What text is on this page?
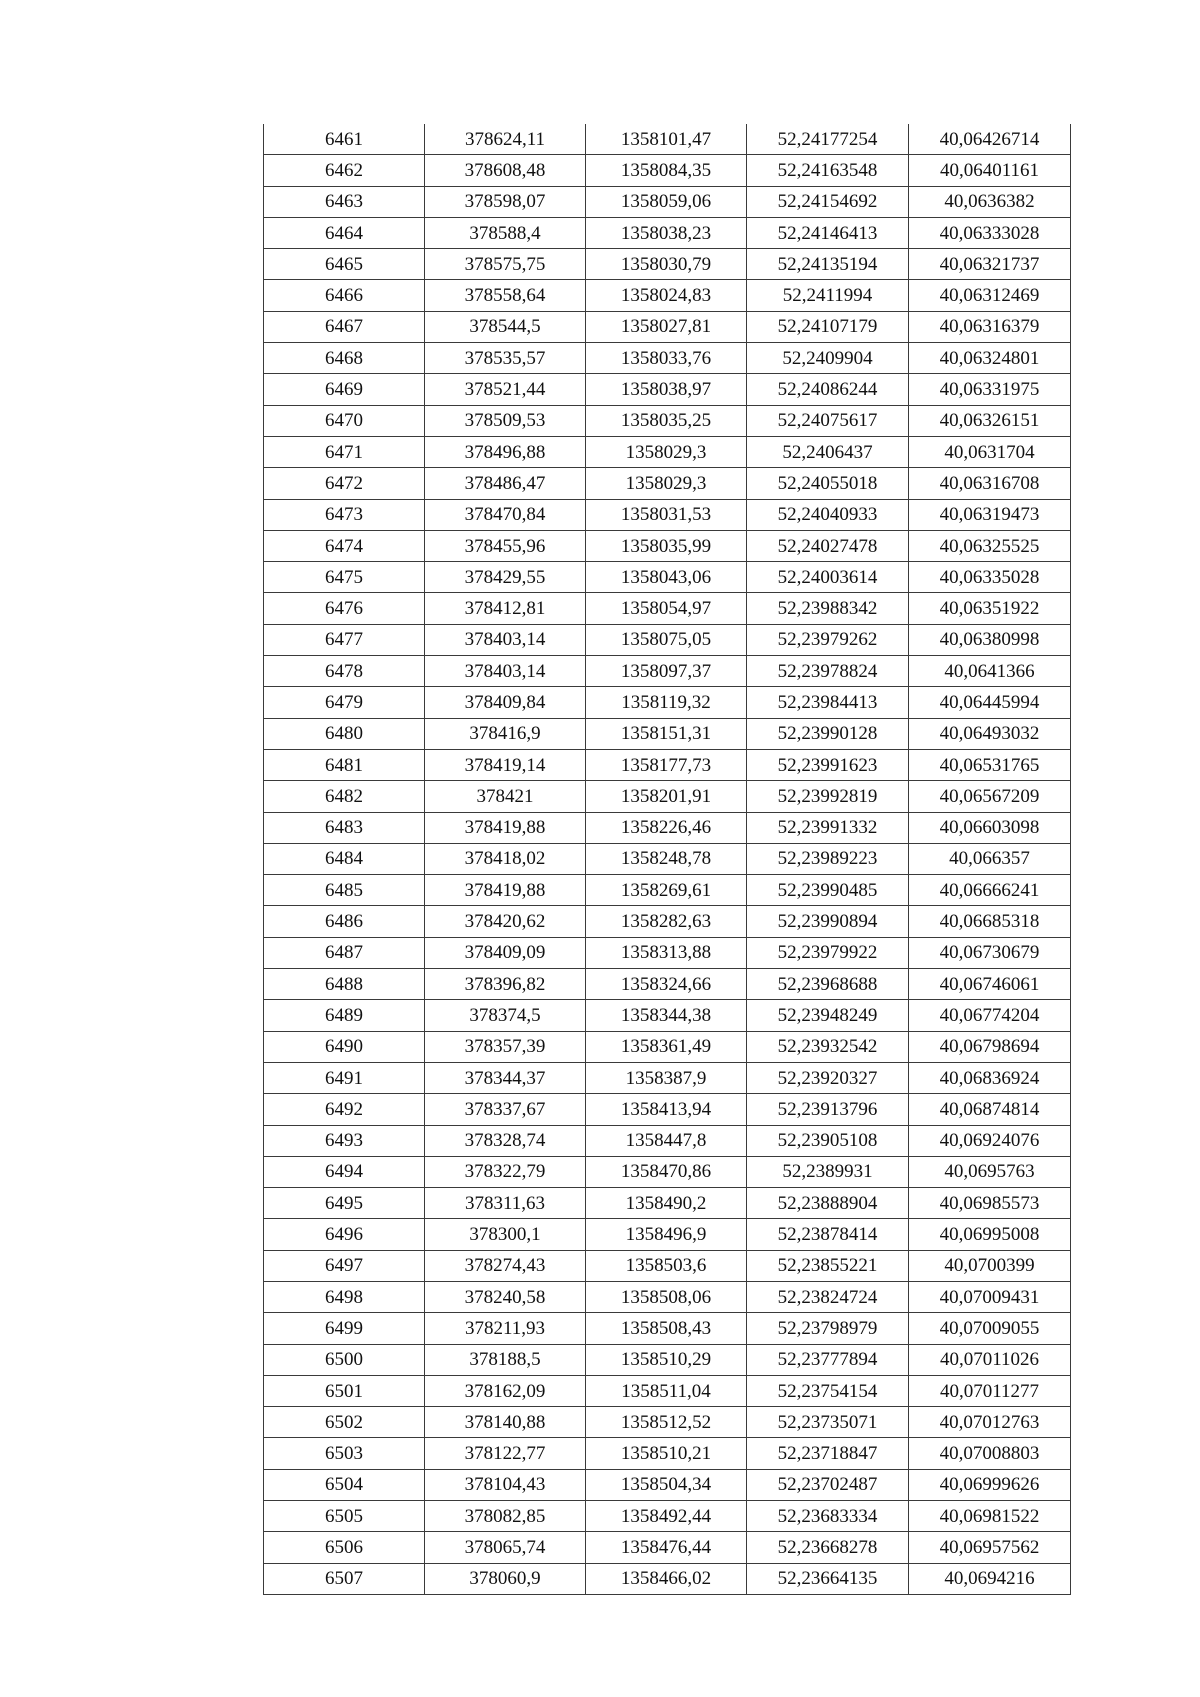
6461	378624,11	1358101,47	52,24177254	40,06426714
6462	378608,48	1358084,35	52,24163548	40,06401161
6463	378598,07	1358059,06	52,24154692	40,0636382
6464	378588,4	1358038,23	52,24146413	40,06333028
6465	378575,75	1358030,79	52,24135194	40,06321737
6466	378558,64	1358024,83	52,2411994	40,06312469
6467	378544,5	1358027,81	52,24107179	40,06316379
6468	378535,57	1358033,76	52,2409904	40,06324801
6469	378521,44	1358038,97	52,24086244	40,06331975
6470	378509,53	1358035,25	52,24075617	40,06326151
6471	378496,88	1358029,3	52,2406437	40,0631704
6472	378486,47	1358029,3	52,24055018	40,06316708
6473	378470,84	1358031,53	52,24040933	40,06319473
6474	378455,96	1358035,99	52,24027478	40,06325525
6475	378429,55	1358043,06	52,24003614	40,06335028
6476	378412,81	1358054,97	52,23988342	40,06351922
6477	378403,14	1358075,05	52,23979262	40,06380998
6478	378403,14	1358097,37	52,23978824	40,0641366
6479	378409,84	1358119,32	52,23984413	40,06445994
6480	378416,9	1358151,31	52,23990128	40,06493032
6481	378419,14	1358177,73	52,23991623	40,06531765
6482	378421	1358201,91	52,23992819	40,06567209
6483	378419,88	1358226,46	52,23991332	40,06603098
6484	378418,02	1358248,78	52,23989223	40,066357
6485	378419,88	1358269,61	52,23990485	40,06666241
6486	378420,62	1358282,63	52,23990894	40,06685318
6487	378409,09	1358313,88	52,23979922	40,06730679
6488	378396,82	1358324,66	52,23968688	40,06746061
6489	378374,5	1358344,38	52,23948249	40,06774204
6490	378357,39	1358361,49	52,23932542	40,06798694
6491	378344,37	1358387,9	52,23920327	40,06836924
6492	378337,67	1358413,94	52,23913796	40,06874814
6493	378328,74	1358447,8	52,23905108	40,06924076
6494	378322,79	1358470,86	52,2389931	40,0695763
6495	378311,63	1358490,2	52,23888904	40,06985573
6496	378300,1	1358496,9	52,23878414	40,06995008
6497	378274,43	1358503,6	52,23855221	40,0700399
6498	378240,58	1358508,06	52,23824724	40,07009431
6499	378211,93	1358508,43	52,23798979	40,07009055
6500	378188,5	1358510,29	52,23777894	40,07011026
6501	378162,09	1358511,04	52,23754154	40,07011277
6502	378140,88	1358512,52	52,23735071	40,07012763
6503	378122,77	1358510,21	52,23718847	40,07008803
6504	378104,43	1358504,34	52,23702487	40,06999626
6505	378082,85	1358492,44	52,23683334	40,06981522
6506	378065,74	1358476,44	52,23668278	40,06957562
6507	378060,9	1358466,02	52,23664135	40,0694216
